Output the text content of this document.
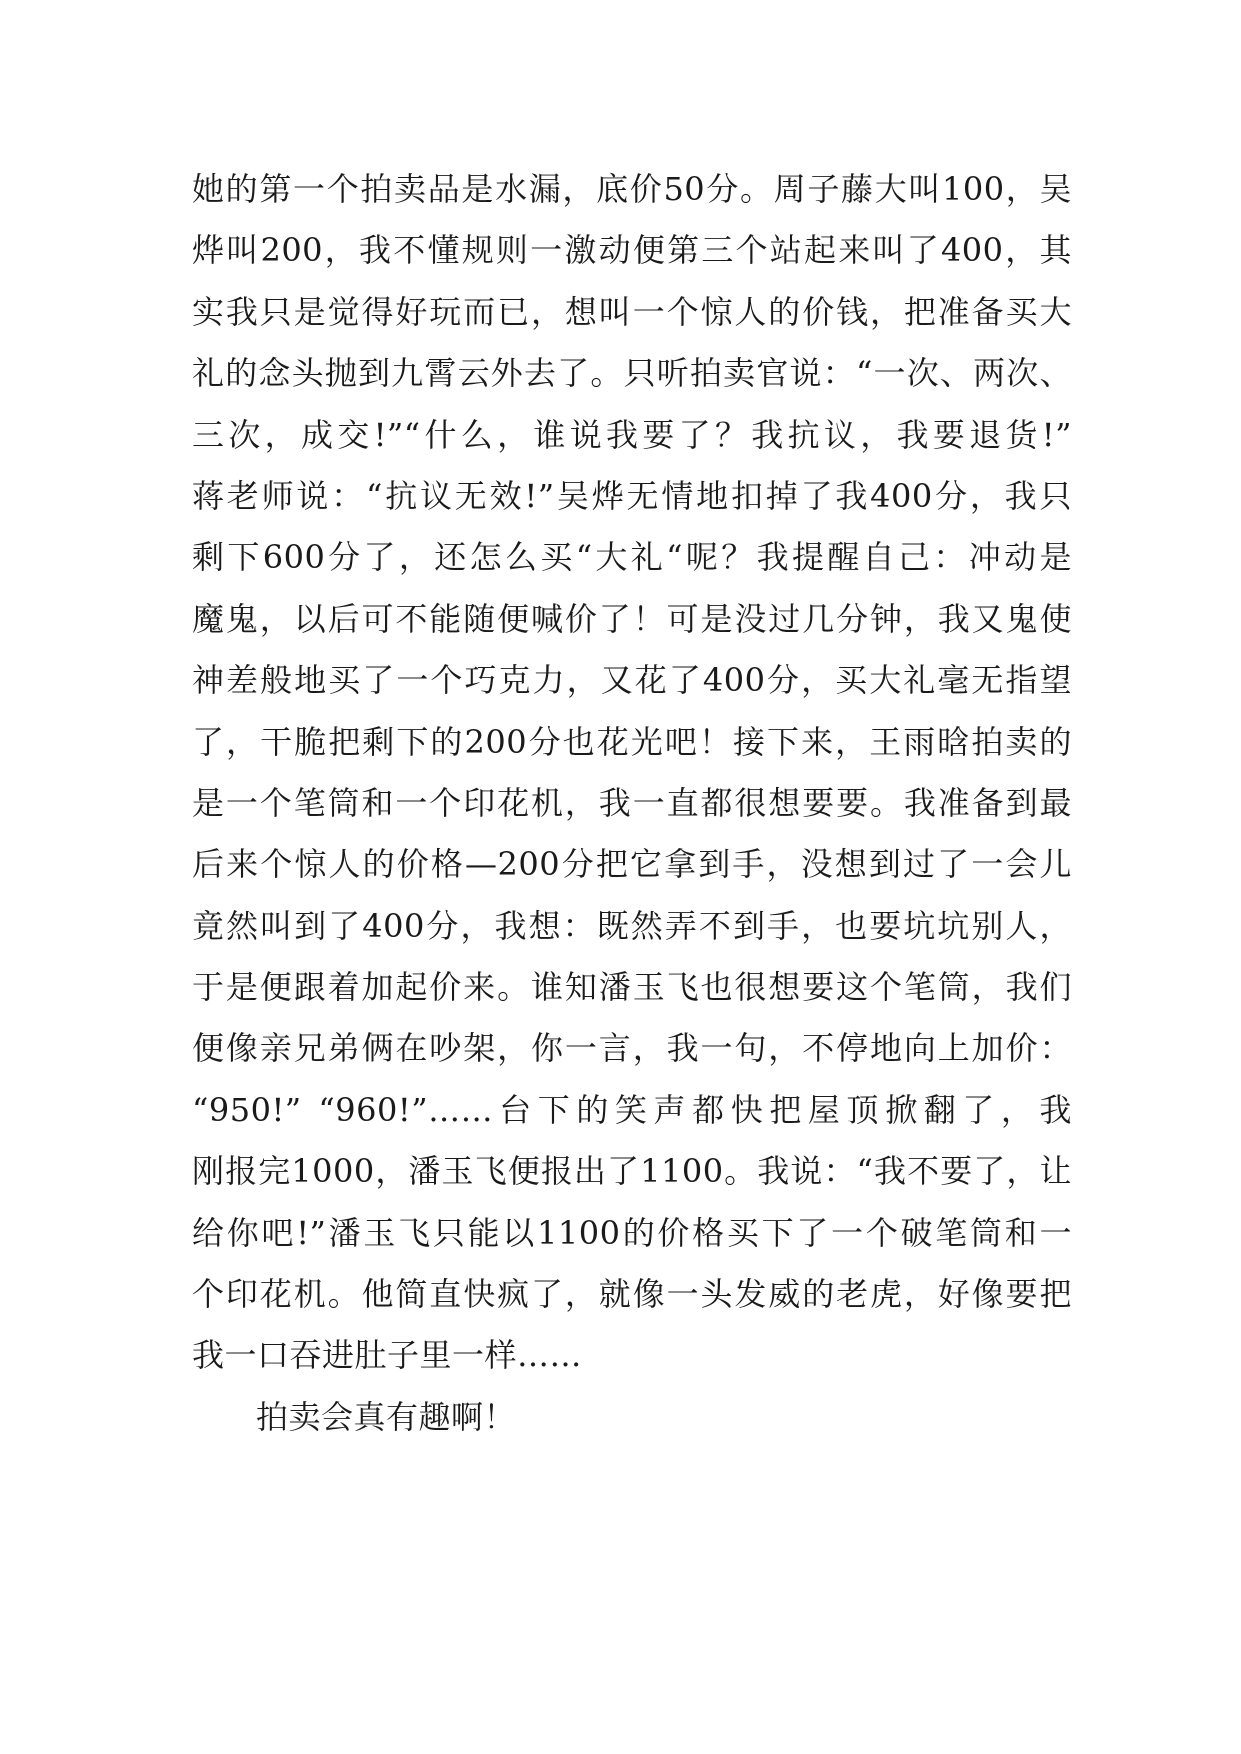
她的第一个拍卖品是水漏，底价50分。周子藤大叫100，吴
烨叫200，我不懂规则一激动便第三个站起来叫了400，其
实我只是觉得好玩而已，想叫一个惊人的价钱，把准备买大
礼的念头抛到九霄云外去了。只听拍卖官说：“一次、两次、
三次，成交!”“什么，谁说我要了？我抗议，我要退货!”
蒋老师说：“抗议无效!”吴烨无情地扣掉了我400分，我只
剩下600分了，还怎么买“大礼“呢？我提醒自己：冲动是
魔鬼，以后可不能随便喊价了！可是没过几分钟，我又鬼使
神差般地买了一个巧克力，又花了400分，买大礼毫无指望
了，干脆把剩下的200分也花光吧！接下来，王雨晗拍卖的
是一个笔筒和一个印花机，我一直都很想要要。我准备到最
后来个惊人的价格—200分把它拿到手，没想到过了一会儿
竟然叫到了400分，我想：既然弄不到手，也要坑坑别人，
于是便跟着加起价来。谁知潘玉飞也很想要这个笔筒，我们
便像亲兄弟俩在吵架，你一言，我一句，不停地向上加价：
“950!” “960!”……台下的笑声都快把屋顶掀翻了，我
刚报完1000，潘玉飞便报出了1100。我说：“我不要了，让
给你吧!”潘玉飞只能以1100的价格买下了一个破笔筒和一
个印花机。他简直快疯了，就像一头发威的老虎，好像要把
我一口吞进肚子里一样……
拍卖会真有趣啊！
